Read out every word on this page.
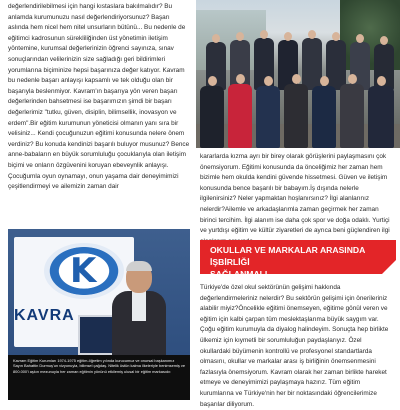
değerlendirilebilmesi için hangi kıstaslara bakılmalıdır? Bu anlamda kurumunuzu nasıl değerlendiriyorsunuz? Başarı aslında hem nicel hem nitel unsurların bütünü... Bu nedenle de eğitimci kadrosunun sürekliliğinden üst yönetimin iletişim yöntemine, kurumsal değerlerinizin öğrenci sayınıza, sınav sonuçlarından velilerinizin size sağladığı geri bildirimleri yorumlarına biçiminize hepsi başarınıza değer katıyor. Kavram bu nedenle başarı anlayışı kapsamlı ve tek olduğu olan bir başarıyla beslenmiyor. Kavram'ın başarıya yön veren başarı değerlerinden bahsetmesi ise başarımızın şimdi bir başarı değerlerimiz "tutku, güven, disiplin, bilimsellik, inovasyon ve erdem".Bir eğitim kurumunun yöneticisi olmanın yanı sıra bir velisiniz... Kendi çocuğunuzun eğitimi konusunda nelere önem verdiniz? Bu konuda kendinizi başarılı buluyor musunuz? Bence anne-babaların en büyük sorumluluğu çocuklarıyla olan iletişim biçimi ve onların özgüvenini koruyan ebeveynlik anlayışı. Çocuğumla oyun oynamayı, onun yaşama dair deneyimimizi çeşitlendirmeyi ve ailemizin zaman dair

kararlarda kızma ayrı bir birey olarak görüşlerini paylaşmasını çok önemsiyorum. Eğitimi konusunda da önceliğimiz her zaman hem bizimle hem okulda kendini güvende hissetmesi. Güven ve iletişim konusunda bence başarılı bir babayım.İş dışında nelerle ilgilenirsiniz? Neler yapmaktan hoşlanırsınız? İlgi alanlarınız nelerdir?Ailemle ve arkadaşlarımla zaman geçirmek her zaman birinci tercihim. İlgi alanım ise daha çok spor ve doğa odaklı. Yurtiçi ve yurtdışı eğitim ve kültür ziyaretleri de ayrıca beni güçlendiren ilgi

OKULLAR VE MARKALAR ARASINDA İŞBİRLİĞİ
SAĞLANMALI

Türkiye'de özel okul sektörünün gelişimi hakkında değerlendirmeleriniz nelerdir? Bu sektörün gelişimi için önerileriniz alabilir miyiz?Öncelikle eğitimi önemseyen, eğitime gönül veren ve eğitim için kalbi çarpan tüm meslektaşlarıma büyük saygım var. Çoğu eğitim kurumuyla da diyalog halindeyim. Sonuçta hep birlikte ülkemiz için kıymetli bir sorumluluğun paydaşlarıyız. Özel okullardaki büyümenin kontrollü ve profesyonel standartlarda olmasını, okullar ve markalar arası iş birliğinin önemsenmesini fazlasıyla önemsiyorum. Kavram olarak her zaman birlikte hareket etmeye ve deneyimimizi paylaşmaya hazırız. Tüm eğitim kurumlarına ve Türkiye'nin her bir noktasındaki öğrencilerimize başarılar diliyorum.

K
KAVRA
Kavram Eğitim Kurumları 1974-1975 eğitim-öğretim yılında kurucumuz ve onursal başkanımız Sayın Bahattin Durmuş'un vizyonuyla, bilimsel çağdaş. Nitelik üstün kalma ilkeleriyle benimsemiş ve 800.000'i aşkın mezunuyla her zaman eğitimin yönünü etkilemiş ulusal bir eğitim markasıdır.
